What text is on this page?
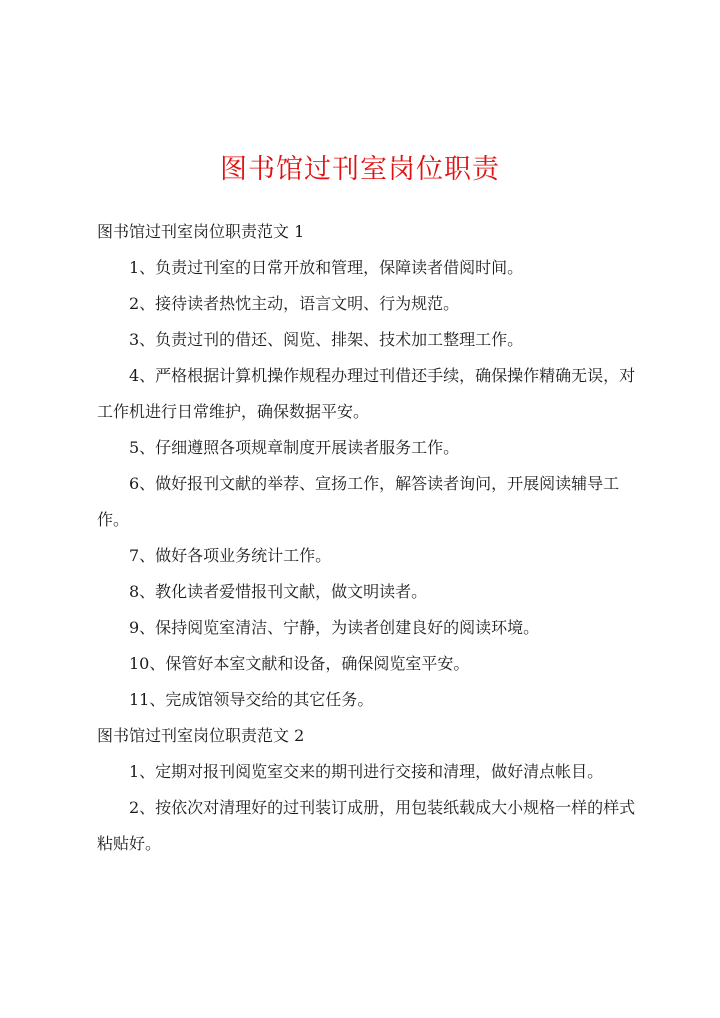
图书馆过刊室岗位职责

图书馆过刊室岗位职责范文 1

1、负责过刊室的日常开放和管理，保障读者借阅时间。

2、接待读者热忱主动，语言文明、行为规范。

3、负责过刊的借还、阅览、排架、技术加工整理工作。

4、严格根据计算机操作规程办理过刊借还手续，确保操作精确无误，对工作机进行日常维护，确保数据平安。

5、仔细遵照各项规章制度开展读者服务工作。

6、做好报刊文献的举荐、宣扬工作，解答读者询问，开展阅读辅导工作。

7、做好各项业务统计工作。

8、教化读者爱惜报刊文献，做文明读者。

9、保持阅览室清洁、宁静，为读者创建良好的阅读环境。

10、保管好本室文献和设备，确保阅览室平安。

11、完成馆领导交给的其它任务。

图书馆过刊室岗位职责范文 2

1、定期对报刊阅览室交来的期刊进行交接和清理，做好清点帐目。

2、按依次对清理好的过刊装订成册，用包装纸载成大小规格一样的样式粘贴好。
